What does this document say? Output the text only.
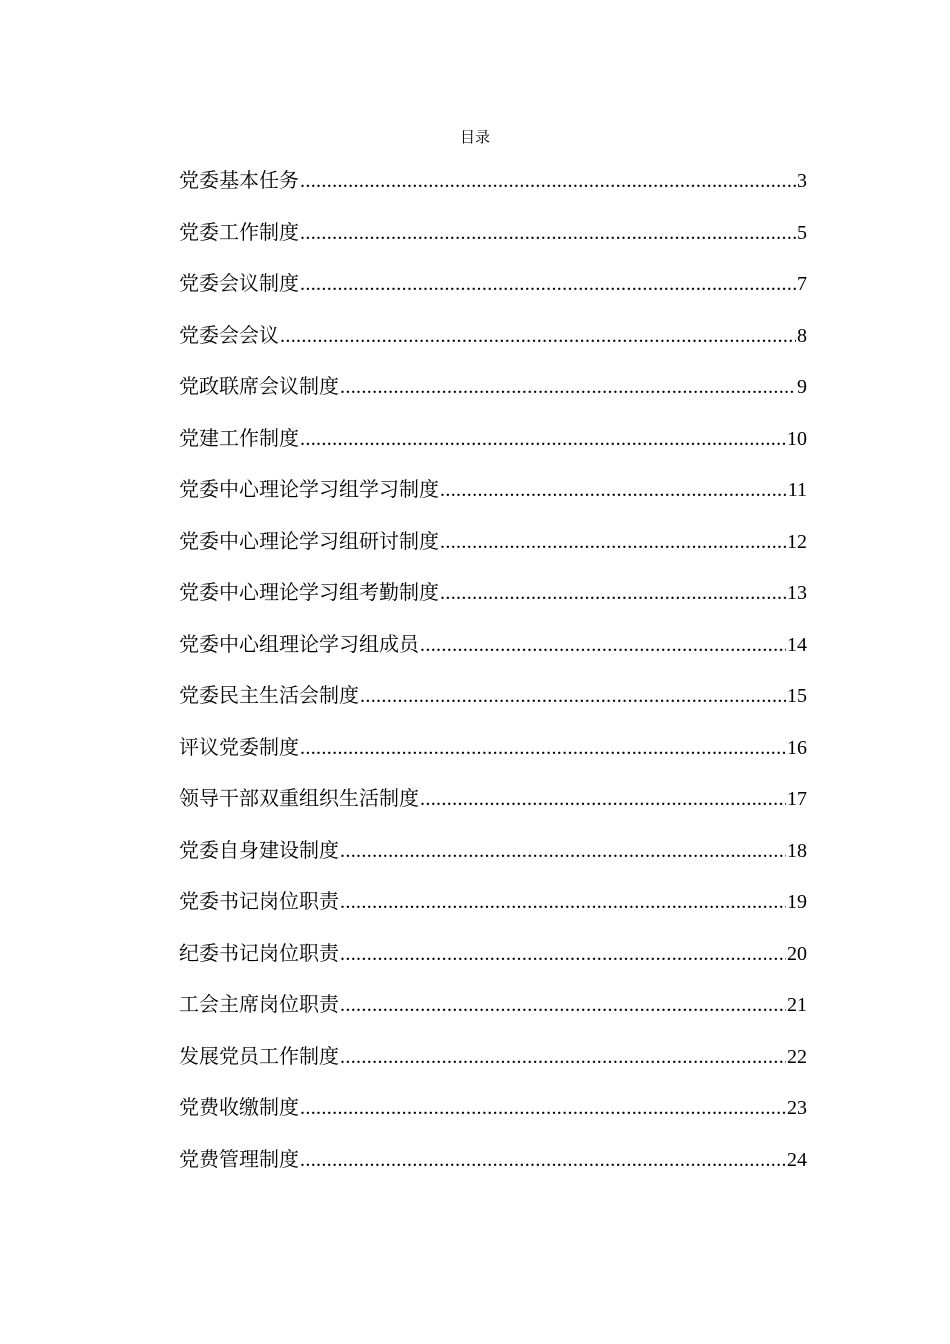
目录
党委基本任务 .....	3
党委工作制度 .....	5
党委会议制度 .....	7
党委会会议 .....	8
党政联席会议制度 .....	9
党建工作制度 .....	10
党委中心理论学习组学习制度 .....	11
党委中心理论学习组研讨制度 .....	12
党委中心理论学习组考勤制度 .....	13
党委中心组理论学习组成员 .....	14
党委民主生活会制度 .....	15
评议党委制度 .....	16
领导干部双重组织生活制度 .....	17
党委自身建设制度 .....	18
党委书记岗位职责 .....	19
纪委书记岗位职责 .....	20
工会主席岗位职责 .....	21
发展党员工作制度 .....	22
党费收缴制度 .....	23
党费管理制度 .....	24
